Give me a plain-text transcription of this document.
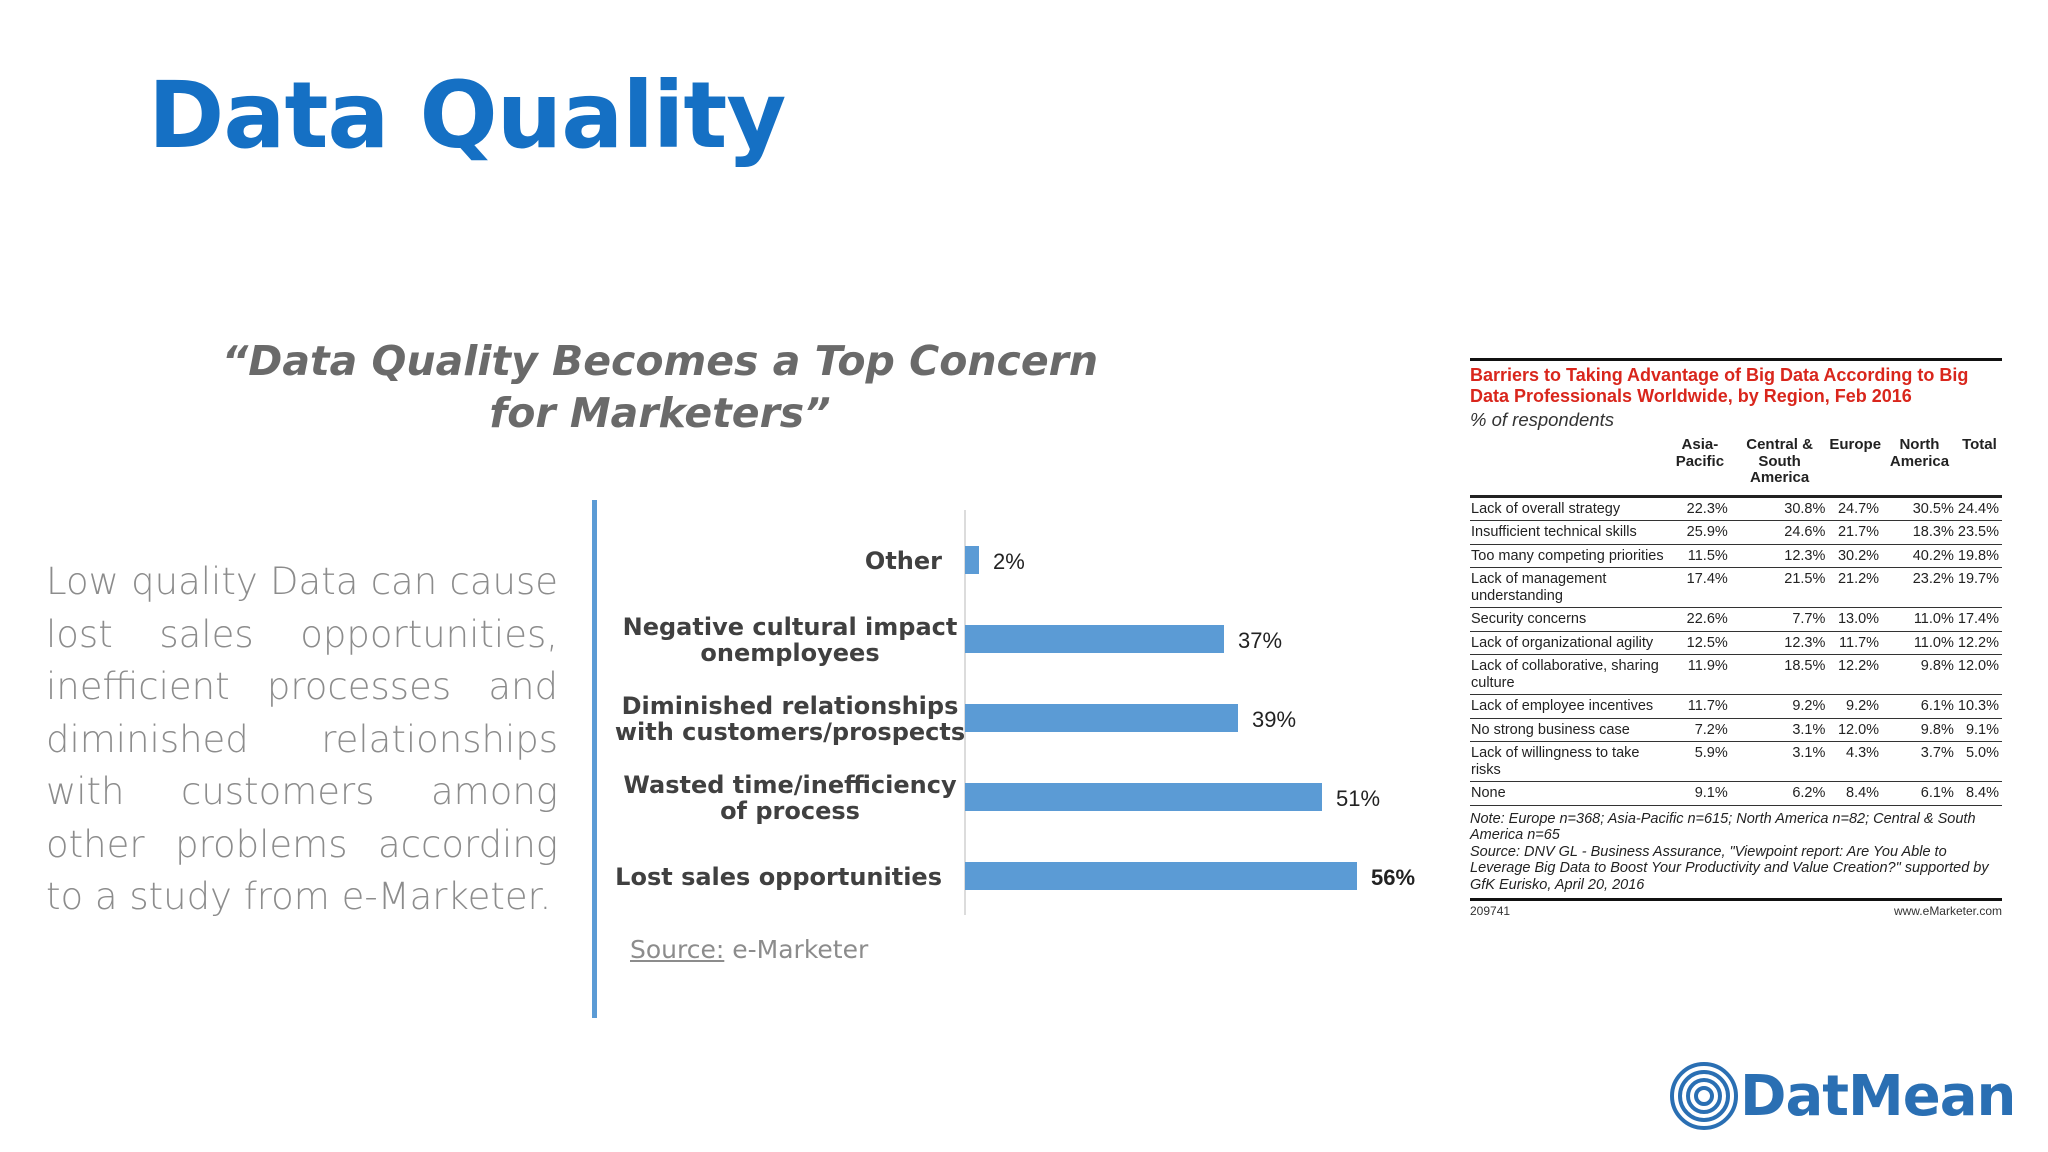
Data Quality
“Data Quality Becomes a Top Concern for Marketers”
Low quality Data can cause lost sales opportunities, inefficient processes and diminished relationships with customers among other problems according to a study from e-Marketer.
2%
Other
37%
Negative cultural impact
onemployees
39%
Diminished relationships
with customers/prospects
51%
Wasted time/inefficiency
of process
56%
Lost sales opportunities
Source: e-Marketer
Barriers to Taking Advantage of Big Data According to Big Data Professionals Worldwide, by Region, Feb 2016
% of respondents
	Asia-Pacific	Central & South America	Europe	North America	Total
Lack of overall strategy	22.3%	30.8%	24.7%	30.5%	24.4%
Insufficient technical skills	25.9%	24.6%	21.7%	18.3%	23.5%
Too many competing priorities	11.5%	12.3%	30.2%	40.2%	19.8%
Lack of management understanding	17.4%	21.5%	21.2%	23.2%	19.7%
Security concerns	22.6%	7.7%	13.0%	11.0%	17.4%
Lack of organizational agility	12.5%	12.3%	11.7%	11.0%	12.2%
Lack of collaborative, sharing culture	11.9%	18.5%	12.2%	9.8%	12.0%
Lack of employee incentives	11.7%	9.2%	9.2%	6.1%	10.3%
No strong business case	7.2%	3.1%	12.0%	9.8%	9.1%
Lack of willingness to take risks	5.9%	3.1%	4.3%	3.7%	5.0%
None	9.1%	6.2%	8.4%	6.1%	8.4%
Note: Europe n=368; Asia-Pacific n=615; North America n=82; Central & South America n=65
Source: DNV GL - Business Assurance, "Viewpoint report: Are You Able to Leverage Big Data to Boost Your Productivity and Value Creation?" supported by GfK Eurisko, April 20, 2016
209741	www.eMarketer.com
DatMean
